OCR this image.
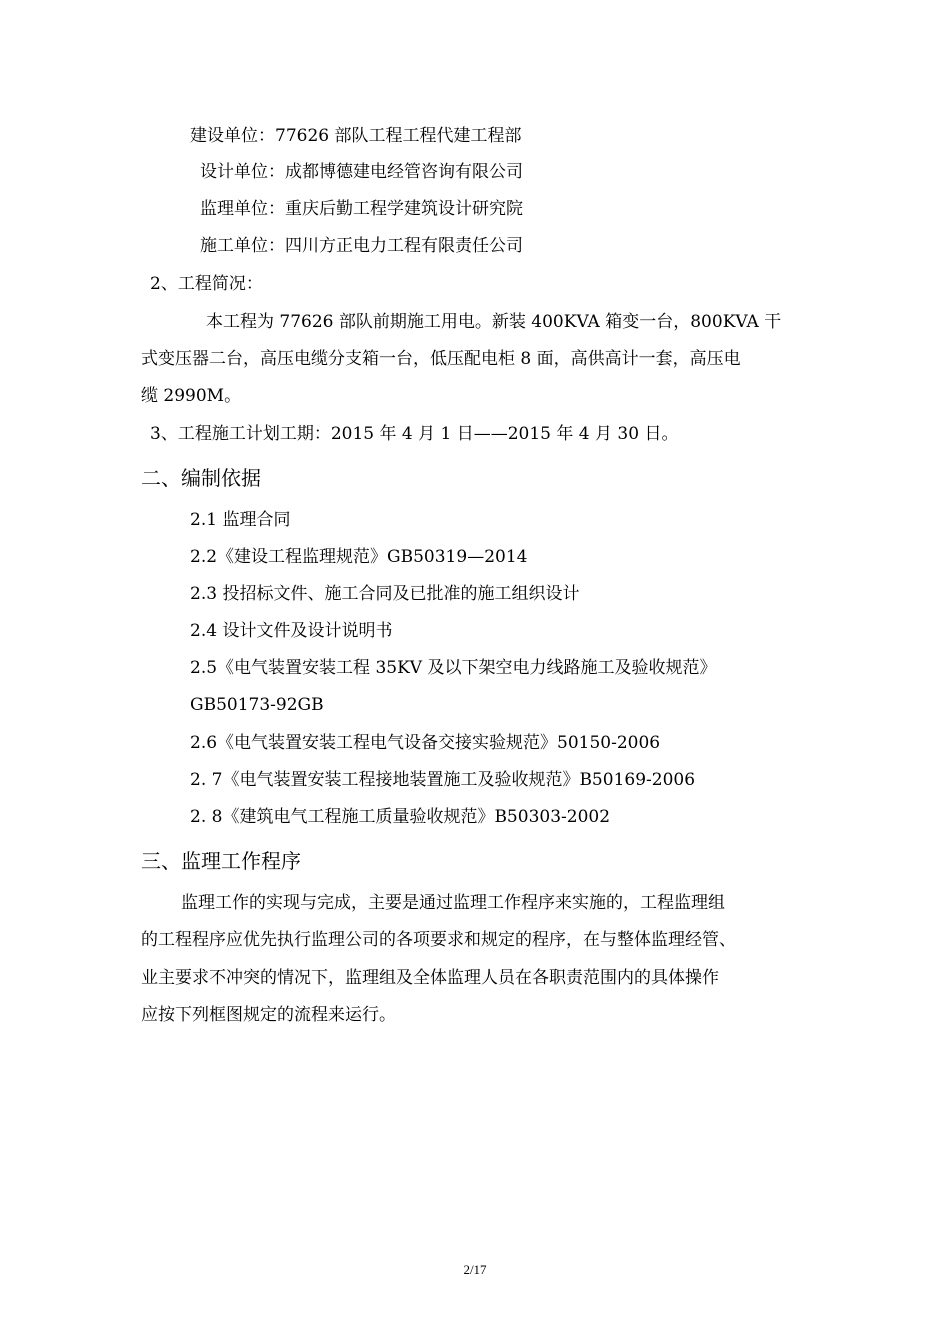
建设单位：77626 部队工程工程代建工程部
设计单位：成都博德建电经管咨询有限公司
监理单位：重庆后勤工程学建筑设计研究院
施工单位：四川方正电力工程有限责任公司
2、工程简况：
本工程为 77626 部队前期施工用电。新装 400KVA 箱变一台，800KVA 干
式变压器二台，高压电缆分支箱一台，低压配电柜 8 面，高供高计一套，高压电
缆 2990M。
3、工程施工计划工期：2015 年 4 月 1 日——2015 年 4 月 30 日。
二、编制依据
2.1 监理合同
2.2《建设工程监理规范》GB50319—2014
2.3 投招标文件、施工合同及已批准的施工组织设计
2.4 设计文件及设计说明书
2.5《电气装置安装工程 35KV 及以下架空电力线路施工及验收规范》
GB50173-92GB
2.6《电气装置安装工程电气设备交接实验规范》50150-2006
2. 7《电气装置安装工程接地装置施工及验收规范》B50169-2006
2. 8《建筑电气工程施工质量验收规范》B50303-2002
三、监理工作程序
监理工作的实现与完成，主要是通过监理工作程序来实施的，工程监理组
的工程程序应优先执行监理公司的各项要求和规定的程序，在与整体监理经管、
业主要求不冲突的情况下，监理组及全体监理人员在各职责范围内的具体操作
应按下列框图规定的流程来运行。
2/17
